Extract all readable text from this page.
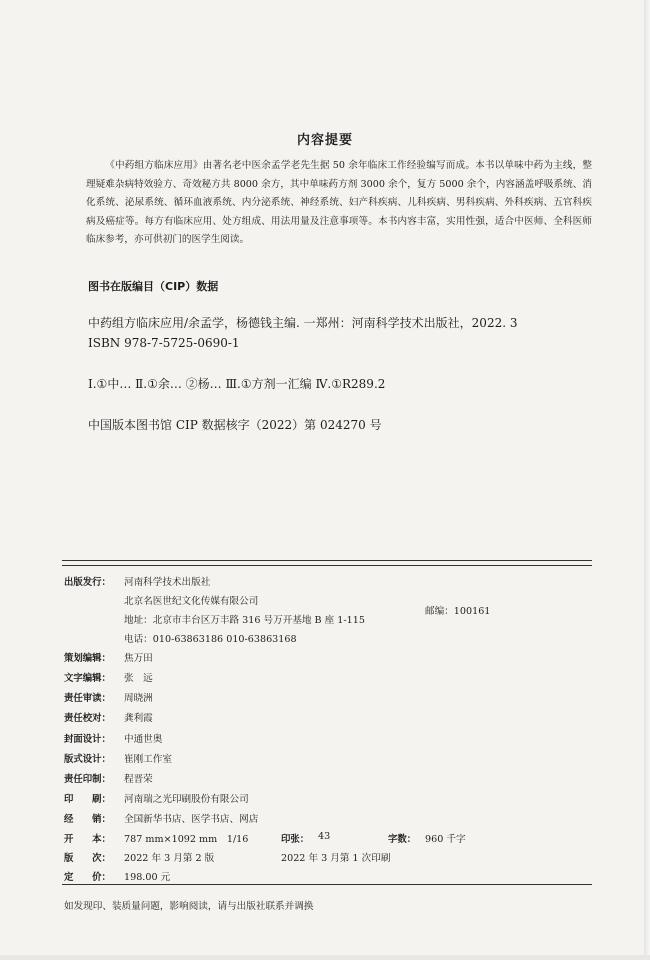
内容提要

《中药组方临床应用》由著名老中医余孟学老先生据 50 余年临床工作经验编写而成。本书以单味中药为主线，整理疑难杂病特效验方、奇效秘方共 8000 余方，其中单味药方剂 3000 余个，复方 5000 余个，内容涵盖呼吸系统、消化系统、泌尿系统、循环血液系统、内分泌系统、神经系统、妇产科疾病、儿科疾病、男科疾病、外科疾病、五官科疾病及癌症等。每方有临床应用、处方组成、用法用量及注意事项等。本书内容丰富，实用性强，适合中医师、全科医师临床参考，亦可供初门的医学生阅读。

图书在版编目（CIP）数据
中药组方临床应用/余孟学，杨德钱主编. 一郑州：河南科学技术出版社，2022. 3
ISBN 978-7-5725-0690-1
Ⅰ.①中… Ⅱ.①余… ②杨… Ⅲ.①方剂一汇编 Ⅳ.①R289.2
中国版本图书馆 CIP 数据核字（2022）第 024270 号
出版发行： 河南科学技术出版社
北京名医世纪文化传媒有限公司
地址：北京市丰台区万丰路 316 号万开基地 B 座 1-115
邮编：100161
电话：010-63863186 010-63863168
策划编辑： 焦万田
文字编辑： 张　远
责任审读： 周晓洲
责任校对： 龚利霞
封面设计： 中通世奥
版式设计： 崔刚工作室
责任印制： 程晋荣
印　　刷： 河南瑞之光印刷股份有限公司
经　　销： 全国新华书店、医学书店、网店
开　　本： 787 mm×1092 mm　1/16	印张： 43	字数： 960 千字
版　　次： 2022 年 3 月第 2 版	2022 年 3 月第 1 次印刷
定　　价： 198.00 元
如发现印、装质量问题，影响阅读，请与出版社联系并调换
